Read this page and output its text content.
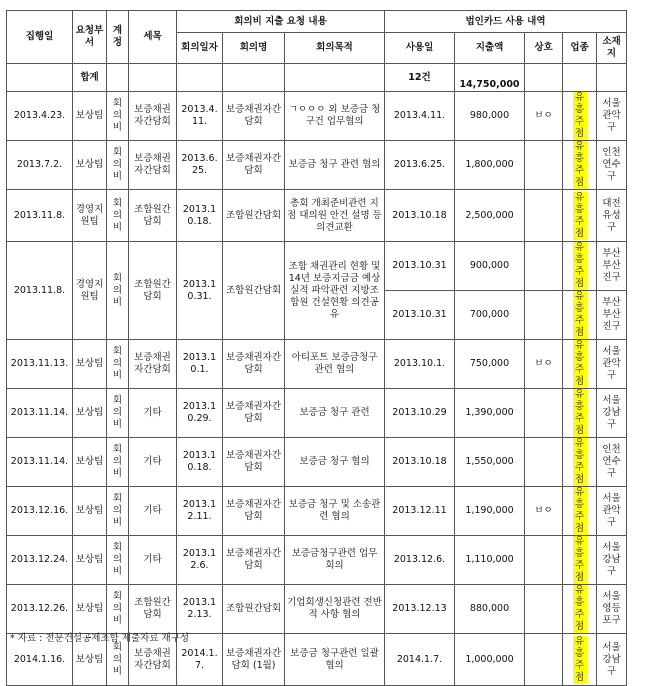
집행일	요청부서	계정	세목	회의비 지출 요청 내용			법인카드 사용 내역				
				회의일자	회의명	회의목적	사용일	지출액	상호	업종	소재지
	합계						12건	14,750,000			
2013.4.23.	보상팀	회의비	보증채권자간담회	2013.4.11.	보증채권자간담회	ㄱㅇㅇㅇ 외 보증금 청구건 업무협의	2013.4.11.	980,000	ㅂㅇ	유흥주점	서울관악구
2013.7.2.	보상팀	회의비	보증채권자간담회	2013.6.25.	보증채권자간담회	보증금 청구 관련 협의	2013.6.25.	1,800,000		유흥주점	인천연수구
2013.11.8.	경영지원팀	회의비	조합원간담회	2013.10.18.	조합원간담회	총회 개최준비관련 지점 대의원 안건 설명 등 의견교환	2013.10.18	2,500,000		유흥주점	대전유성구
2013.11.8.	경영지원팀	회의비	조합원간담회	2013.10.31.	조합원간담회	조합 채권관리 현황 및 14년 보증지급금 예상 실적 파악관련 지방조합원 건설현황 의견공유	2013.10.31	900,000		유흥주점	부산부산진구
							2013.10.31	700,000		유흥주점	부산부산진구
2013.11.13.	보상팀	회의비	보증채권자간담회	2013.10.1.	보증채권자간담회	아티포트 보증금청구 관련 협의	2013.10.1.	750,000	ㅂㅇ	유흥주점	서울관악구
2013.11.14.	보상팀	회의비	기타	2013.10.29.	보증채권자간담회	보증금 청구 관련	2013.10.29	1,390,000		유흥주점	서울강남구
2013.11.14.	보상팀	회의비	기타	2013.10.18.	보증채권자간담회	보증금 청구 협의	2013.10.18	1,550,000		유흥주점	인천연수구
2013.12.16.	보상팀	회의비	기타	2013.12.11.	보증채권자간담회	보증금 청구 및 소송관련 협의	2013.12.11	1,190,000	ㅂㅇ	유흥주점	서울관악구
2013.12.24.	보상팀	회의비	기타	2013.12.6.	보증채권자간담회	보증금청구관련 업무 회의	2013.12.6.	1,110,000		유흥주점	서울강남구
2013.12.26.	보상팀	회의비	조합원간담회	2013.12.13.	조합원간담회	기업회생신청관련 전반적 사항 협의	2013.12.13	880,000		유흥주점	서울영등포구
2014.1.16.	보상팀	회의비	보증채권자간담회	2014.1.7.	보증채권자간담회 (1월)	보증금 청구관련 일괄 협의	2014.1.7.	1,000,000		유흥주점	서울강남구
* 자료 : 전문건설공제조합 제출자료 재구성
